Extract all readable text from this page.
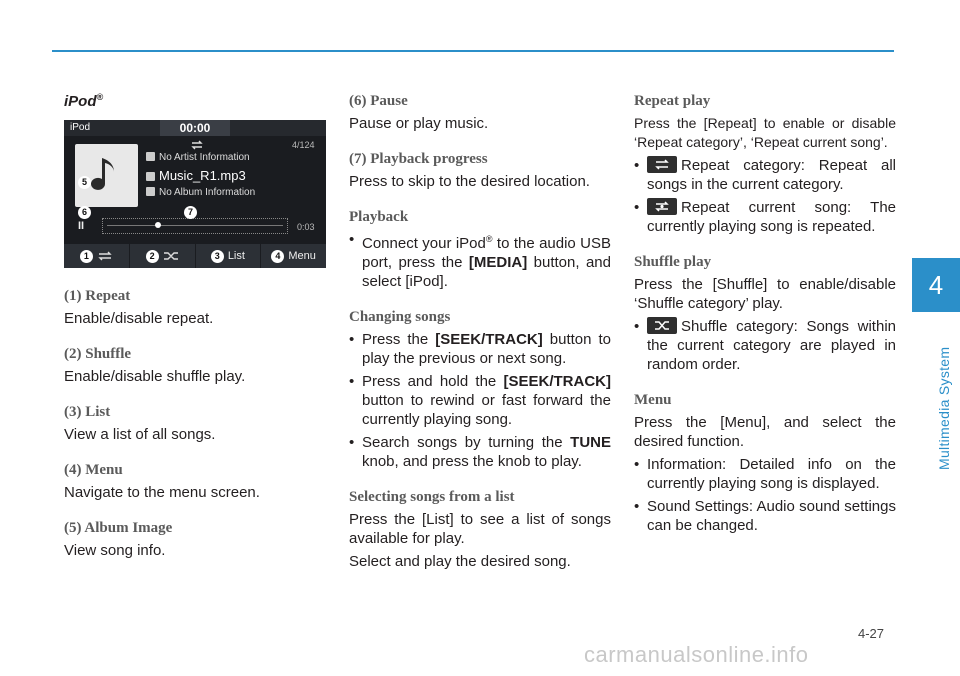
4
Multimedia System
iPod®
iPod	00:00
4/124
No Artist Information
Music_R1.mp3
No Album Information
II	0:03
5
6	7
1	2	3 List	4 Menu
(1) Repeat

Enable/disable repeat.

(2) Shuffle

Enable/disable shuffle play.

(3) List

View a list of all songs.

(4) Menu

Navigate to the menu screen.

(5) Album Image

View song info.

(6) Pause

Pause or play music.

(7) Playback progress

Press to skip to the desired location.

Playback
• Connect your iPod® to the audio USB port, press the [MEDIA] button, and select [iPod].
Changing songs
• Press the [SEEK/TRACK] button to play the previous or next song.
• Press and hold the [SEEK/TRACK] button to rewind or fast forward the currently playing song.
• Search songs by turning the TUNE knob, and press the knob to play.
Selecting songs from a list

Press the [List] to see a list of songs available for play.

Select and play the desired song.

Repeat play

Press the [Repeat] to enable or disable ‘Repeat category’, ‘Repeat current song’.

• Repeat category: Repeat all songs in the current category.
• Repeat current song: The currently playing song is repeated.
Shuffle play

Press the [Shuffle] to enable/disable ‘Shuffle category’ play.

• Shuffle category: Songs within the current category are played in random order.
Menu

Press the [Menu], and select the desired function.

• Information: Detailed info on the currently playing song is displayed.
• Sound Settings: Audio sound settings can be changed.
4-27
carmanualsonline.info
